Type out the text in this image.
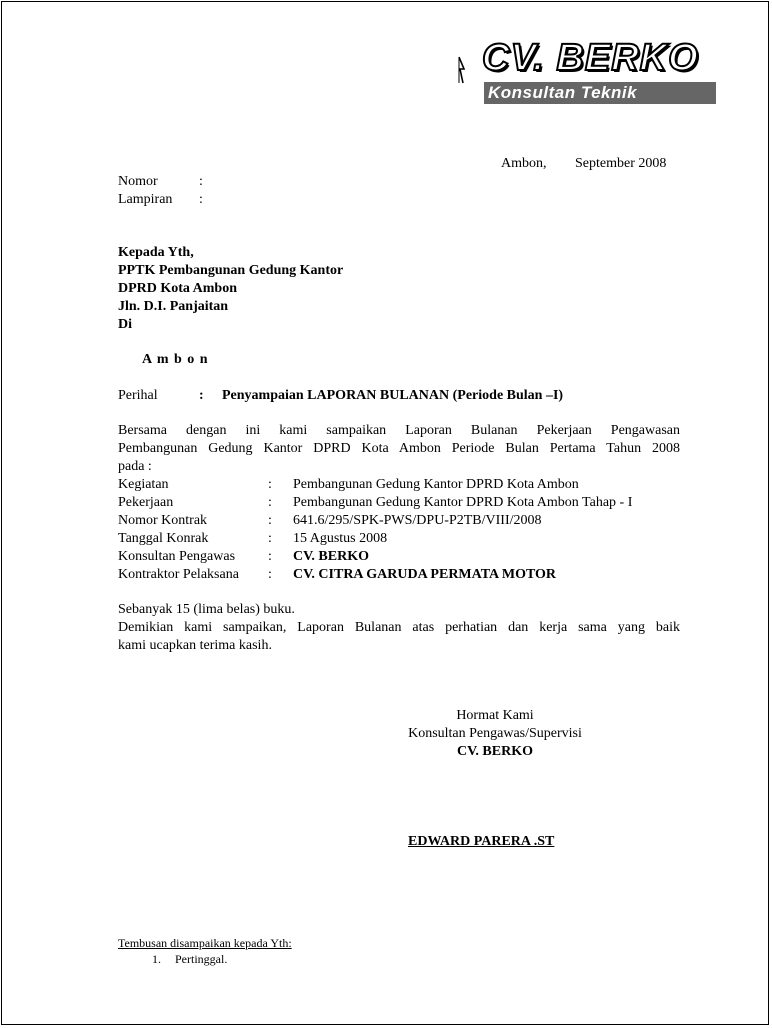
CV. BERKO
Konsultan Teknik
Ambon, September 2008
Nomor	:
Lampiran :
Kepada Yth,
PPTK Pembangunan Gedung Kantor
DPRD Kota Ambon
Jln. D.I. Panjaitan
Di
A m b o n
Perihal	: Penyampaian LAPORAN BULANAN (Periode Bulan –I)
Bersama dengan ini kami sampaikan Laporan Bulanan Pekerjaan Pengawasan
Pembangunan Gedung Kantor DPRD Kota Ambon Periode Bulan Pertama Tahun 2008
pada :
Kegiatan	: Pembangunan Gedung Kantor DPRD Kota Ambon
Pekerjaan	: Pembangunan Gedung Kantor DPRD Kota Ambon Tahap - I
Nomor Kontrak	: 641.6/295/SPK-PWS/DPU-P2TB/VIII/2008
Tanggal Konrak	: 15 Agustus 2008
Konsultan Pengawas : CV. BERKO
Kontraktor Pelaksana : CV. CITRA GARUDA PERMATA MOTOR
Sebanyak 15 (lima belas) buku.
Demikian kami sampaikan, Laporan Bulanan atas perhatian dan kerja sama yang baik
kami ucapkan terima kasih.
Hormat Kami
Konsultan Pengawas/Supervisi
CV. BERKO
EDWARD PARERA .ST
Tembusan disampaikan kepada Yth:
1. Pertinggal.
